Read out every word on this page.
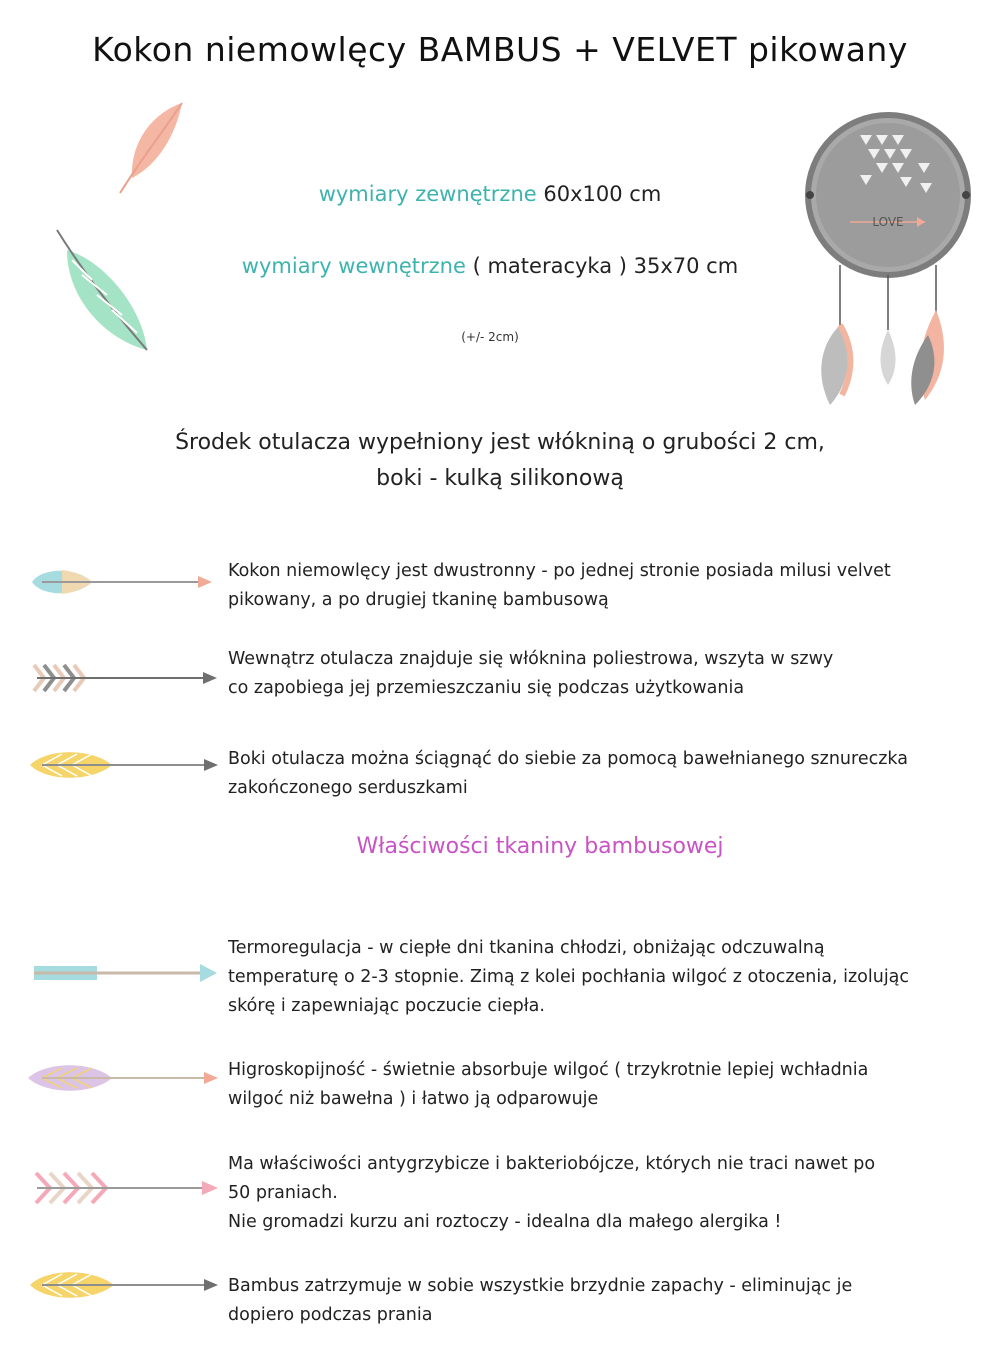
Kokon niemowlęcy BAMBUS + VELVET pikowany
LOVE
wymiary zewnętrzne 60x100 cm
wymiary wewnętrzne ( materacyka ) 35x70 cm
(+/- 2cm)
Środek otulacza wypełniony jest włókniną o grubości 2 cm,
boki - kulką silikonową

Kokon niemowlęcy jest dwustronny - po jednej stronie posiada milusi velvet

pikowany, a po drugiej tkaninę bambusową

Wewnątrz otulacza znajduje się włóknina poliestrowa, wszyta w szwy

co zapobiega jej przemieszczaniu się podczas użytkowania

Boki otulacza można ściągnąć do siebie za pomocą bawełnianego sznureczka

zakończonego serduszkami

Właściwości tkaniny bambusowej

Termoregulacja - w ciepłe dni tkanina chłodzi, obniżając odczuwalną

temperaturę o 2-3 stopnie. Zimą z kolei pochłania wilgoć z otoczenia, izolując

skórę i zapewniając poczucie ciepła.

Higroskopijność - świetnie absorbuje wilgoć ( trzykrotnie lepiej wchładnia

wilgoć niż bawełna ) i łatwo ją odparowuje

Ma właściwości antygrzybicze i bakteriobójcze, których nie traci nawet po

50 praniach.

Nie gromadzi kurzu ani roztoczy - idealna dla małego alergika !

Bambus zatrzymuje w sobie wszystkie brzydnie zapachy - eliminując je

dopiero podczas prania
